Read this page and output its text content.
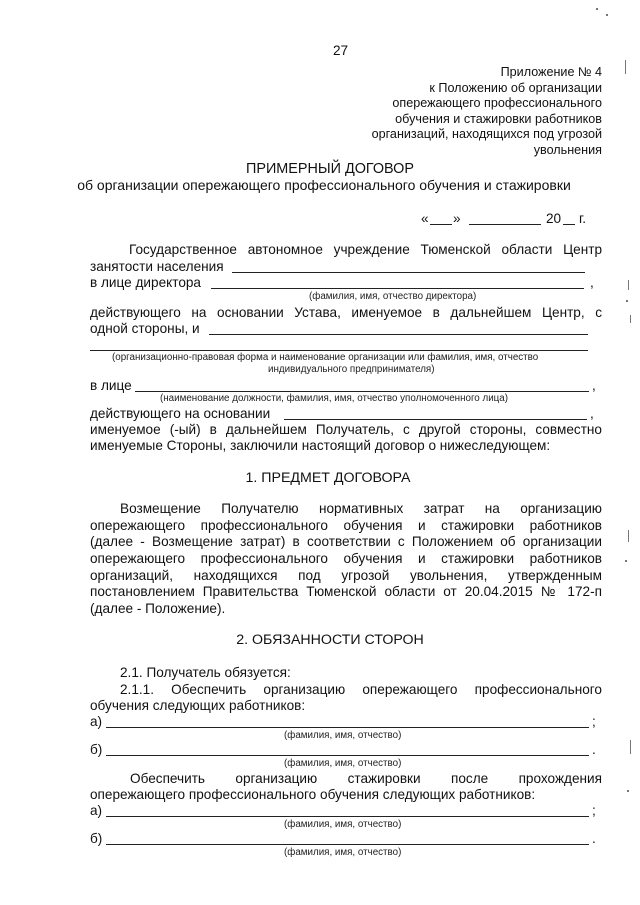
27
Приложение № 4
к Положению об организации
опережающего профессионального
обучения и стажировки работников
организаций, находящихся под угрозой
увольнения
ПРИМЕРНЫЙ ДОГОВОР
об организации опережающего профессионального обучения и стажировки
« »	20 г.
Государственное автономное учреждение Тюменской области Центр
занятости населения
в лице директора	,
(фамилия, имя, отчество директора)
действующего на основании Устава, именуемое в дальнейшем Центр, с
одной стороны, и
(организационно-правовая форма и наименование организации или фамилия, имя, отчество
индивидуального предпринимателя)
в лице	,
(наименование должности, фамилия, имя, отчество уполномоченного лица)
действующего на основании	,
именуемое (-ый) в дальнейшем Получатель, с другой стороны, совместно
именуемые Стороны, заключили настоящий договор о нижеследующем:
1. ПРЕДМЕТ ДОГОВОРА
Возмещение Получателю нормативных затрат на организацию
опережающего профессионального обучения и стажировки работников
(далее - Возмещение затрат) в соответствии с Положением об организации
опережающего профессионального обучения и стажировки работников
организаций, находящихся под угрозой увольнения, утвержденным
постановлением Правительства Тюменской области от 20.04.2015 № 172-п
(далее - Положение).
2. ОБЯЗАННОСТИ СТОРОН
2.1. Получатель обязуется:
2.1.1. Обеспечить организацию опережающего профессионального
обучения следующих работников:
а)	;
(фамилия, имя, отчество)
б)	.
(фамилия, имя, отчество)
Обеспечить организацию стажировки после прохождения
опережающего профессионального обучения следующих работников:
а)	;
(фамилия, имя, отчество)
б)	.
(фамилия, имя, отчество)
